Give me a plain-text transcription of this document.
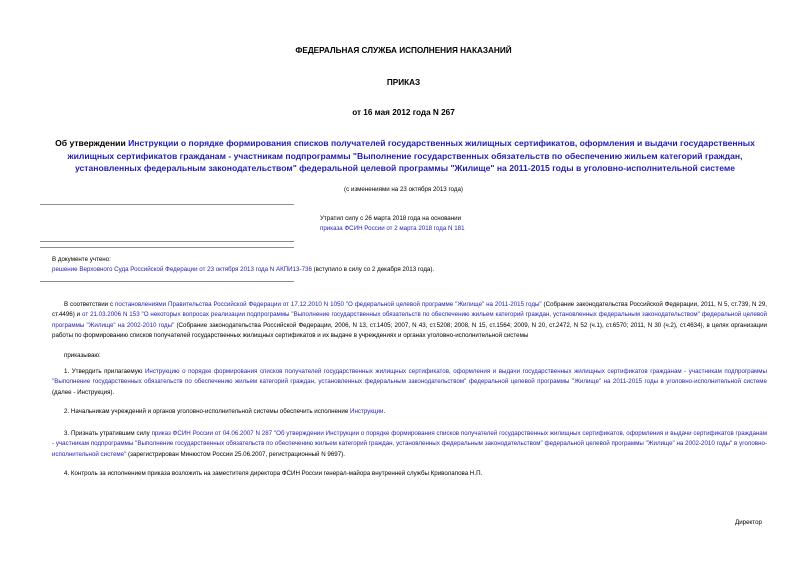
ФЕДЕРАЛЬНАЯ СЛУЖБА ИСПОЛНЕНИЯ НАКАЗАНИЙ
ПРИКАЗ
от 16 мая 2012 года N 267
Об утверждении Инструкции о порядке формирования списков получателей государственных жилищных сертификатов, оформления и выдачи государственных жилищных сертификатов гражданам - участникам подпрограммы "Выполнение государственных обязательств по обеспечению жильем категорий граждан, установленных федеральным законодательством" федеральной целевой программы "Жилище" на 2011-2015 годы в уголовно-исполнительной системе
(с изменениями на 23 октября 2013 года)
Утратил силу с 26 марта 2018 года на основании
приказа ФСИН России от 2 марта 2018 года N 181
В документе учтено:
решение Верховного Суда Российской Федерации от 23 октября 2013 года N АКПИ13-736 (вступило в силу со 2 декабря 2013 года).
В соответствии с постановлениями Правительства Российской Федерации от 17.12.2010 N 1050 "О федеральной целевой программе "Жилище" на 2011-2015 годы" (Собрание законодательства Российской Федерации, 2011, N 5, ст.739, N 29, ст.4496) и от 21.03.2006 N 153 "О некоторых вопросах реализации подпрограммы "Выполнение государственных обязательств по обеспечению жильем категорий граждан, установленных федеральным законодательством" федеральной целевой программы "Жилище" на 2002-2010 годы" (Собрание законодательства Российской Федерации, 2006, N 13, ст.1405; 2007, N 43, ст.5208; 2008, N 15, ст.1564; 2009, N 20, ст.2472, N 52 (ч.1), ст.6570; 2011, N 30 (ч.2), ст.4634), в целях организации работы по формированию списков получателей государственных жилищных сертификатов и их выдаче в учреждениях и органах уголовно-исполнительной системы
приказываю:
1. Утвердить прилагаемую Инструкцию о порядке формирования списков получателей государственных жилищных сертификатов, оформления и выдачи государственных жилищных сертификатов гражданам - участникам подпрограммы "Выполнение государственных обязательств по обеспечению жильем категорий граждан, установленных федеральным законодательством" федеральной целевой программы "Жилище" на 2011-2015 годы в уголовно-исполнительной системе (далее - Инструкция).
2. Начальникам учреждений и органов уголовно-исполнительной системы обеспечить исполнение Инструкции.
3. Признать утратившим силу приказ ФСИН России от 04.06.2007 N 287 "Об утверждении Инструкции о порядке формирования списков получателей государственных жилищных сертификатов, оформления и выдачи сертификатов гражданам - участникам подпрограммы "Выполнение государственных обязательств по обеспечению жильем категорий граждан, установленных федеральным законодательством" федеральной целевой программы "Жилище" на 2002-2010 годы" в уголовно-исполнительной системе" (зарегистрирован Минюстом России 25.06.2007, регистрационный N 9697).
4. Контроль за исполнением приказа возложить на заместителя директора ФСИН России генерал-майора внутренней службы Криволапова Н.П.
Директор
